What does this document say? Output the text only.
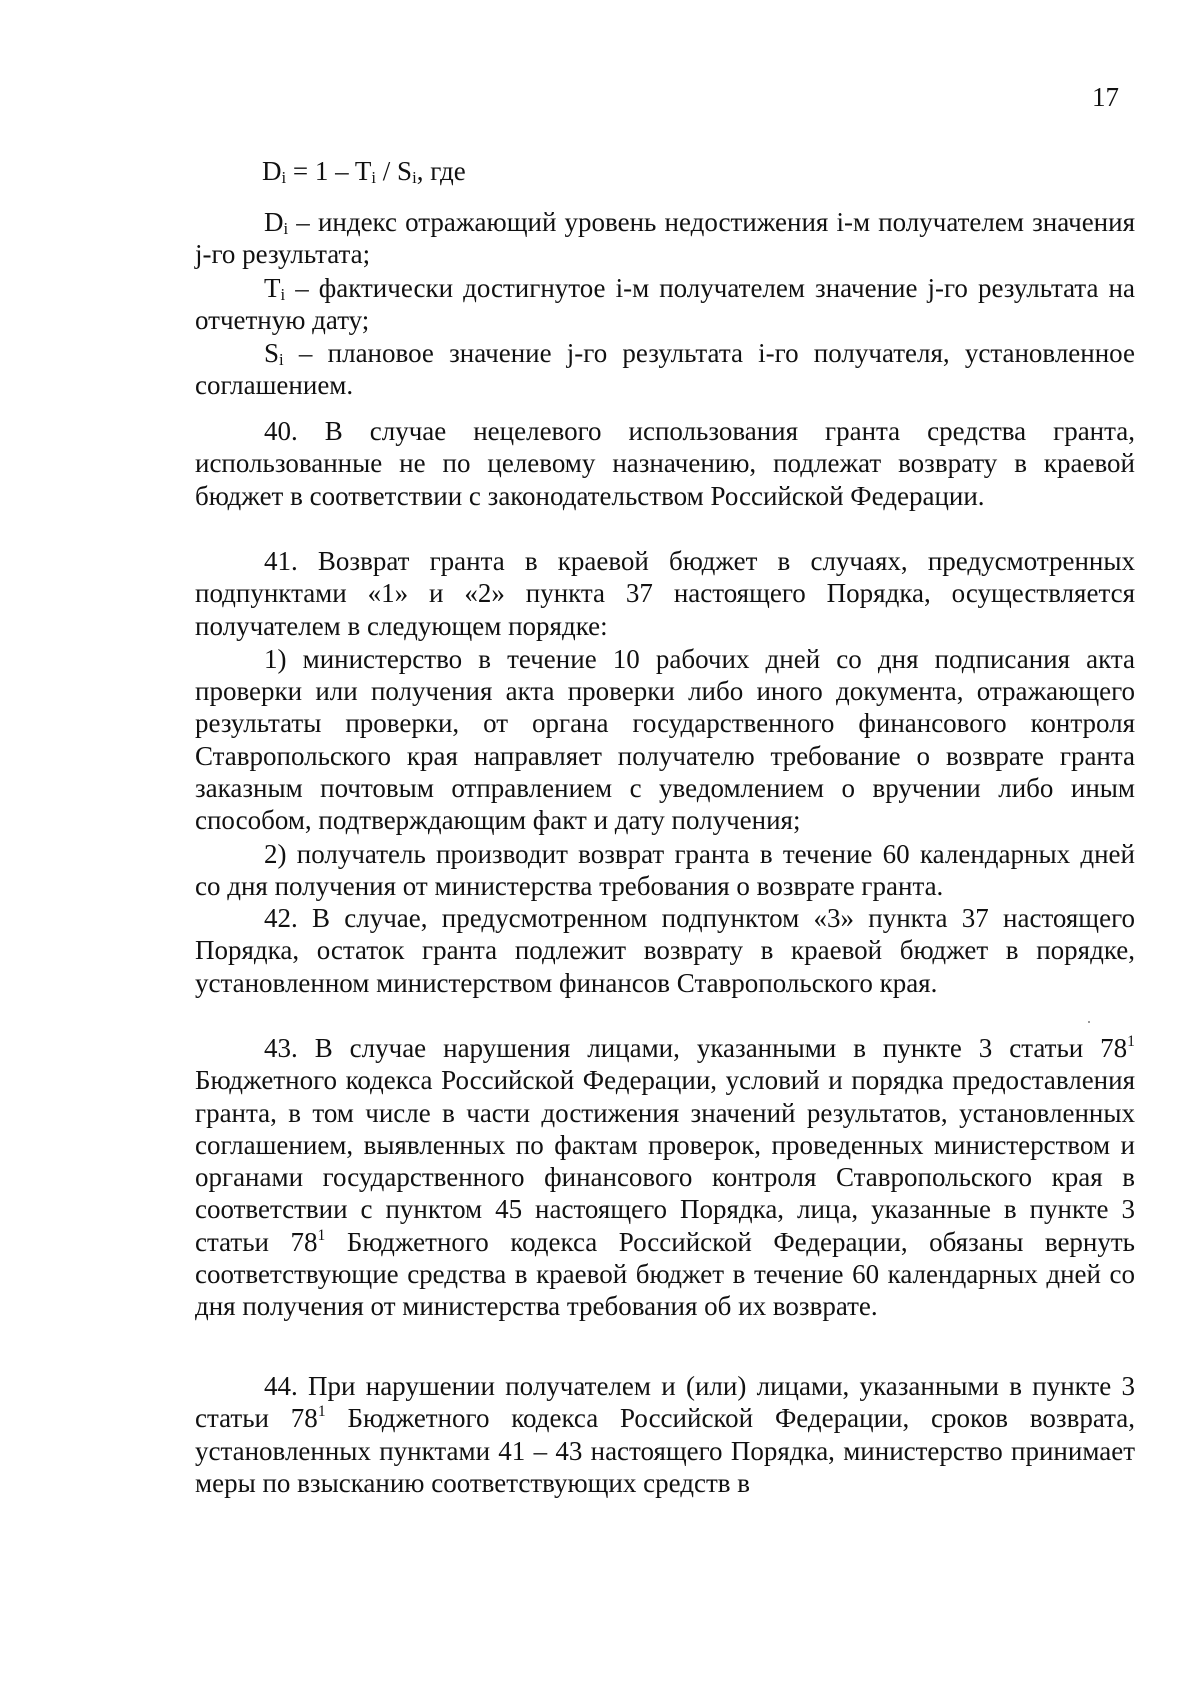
17
$D_i = 1 - T_i / S_i$, где

$D_i$ – индекс отражающий уровень недостижения i-м получателем значения j-го результата;

$T_i$ – фактически достигнутое i-м получателем значение j-го результата на отчетную дату;

$S_i$ – плановое значение j-го результата i-го получателя, установленное соглашением.

40. В случае нецелевого использования гранта средства гранта, использованные не по целевому назначению, подлежат возврату в краевой бюджет в соответствии с законодательством Российской Федерации.

41. Возврат гранта в краевой бюджет в случаях, предусмотренных подпунктами «1» и «2» пункта 37 настоящего Порядка, осуществляется получателем в следующем порядке:

1) министерство в течение 10 рабочих дней со дня подписания акта проверки или получения акта проверки либо иного документа, отражающего результаты проверки, от органа государственного финансового контроля Ставропольского края направляет получателю требование о возврате гранта заказным почтовым отправлением с уведомлением о вручении либо иным способом, подтверждающим факт и дату получения;

2) получатель производит возврат гранта в течение 60 календарных дней со дня получения от министерства требования о возврате гранта.

42. В случае, предусмотренном подпунктом «3» пункта 37 настоящего Порядка, остаток гранта подлежит возврату в краевой бюджет в порядке, установленном министерством финансов Ставропольского края.

43. В случае нарушения лицами, указанными в пункте 3 статьи $78^1$ Бюджетного кодекса Российской Федерации, условий и порядка предоставления гранта, в том числе в части достижения значений результатов, установленных соглашением, выявленных по фактам проверок, проведенных министерством и органами государственного финансового контроля Ставропольского края в соответствии с пунктом 45 настоящего Порядка, лица, указанные в пункте 3 статьи $78^1$ Бюджетного кодекса Российской Федерации, обязаны вернуть соответствующие средства в краевой бюджет в течение 60 календарных дней со дня получения от министерства требования об их возврате.

44. При нарушении получателем и (или) лицами, указанными в пункте 3 статьи $78^1$ Бюджетного кодекса Российской Федерации, сроков возврата, установленных пунктами 41 – 43 настоящего Порядка, министерство принимает меры по взысканию соответствующих средств в
